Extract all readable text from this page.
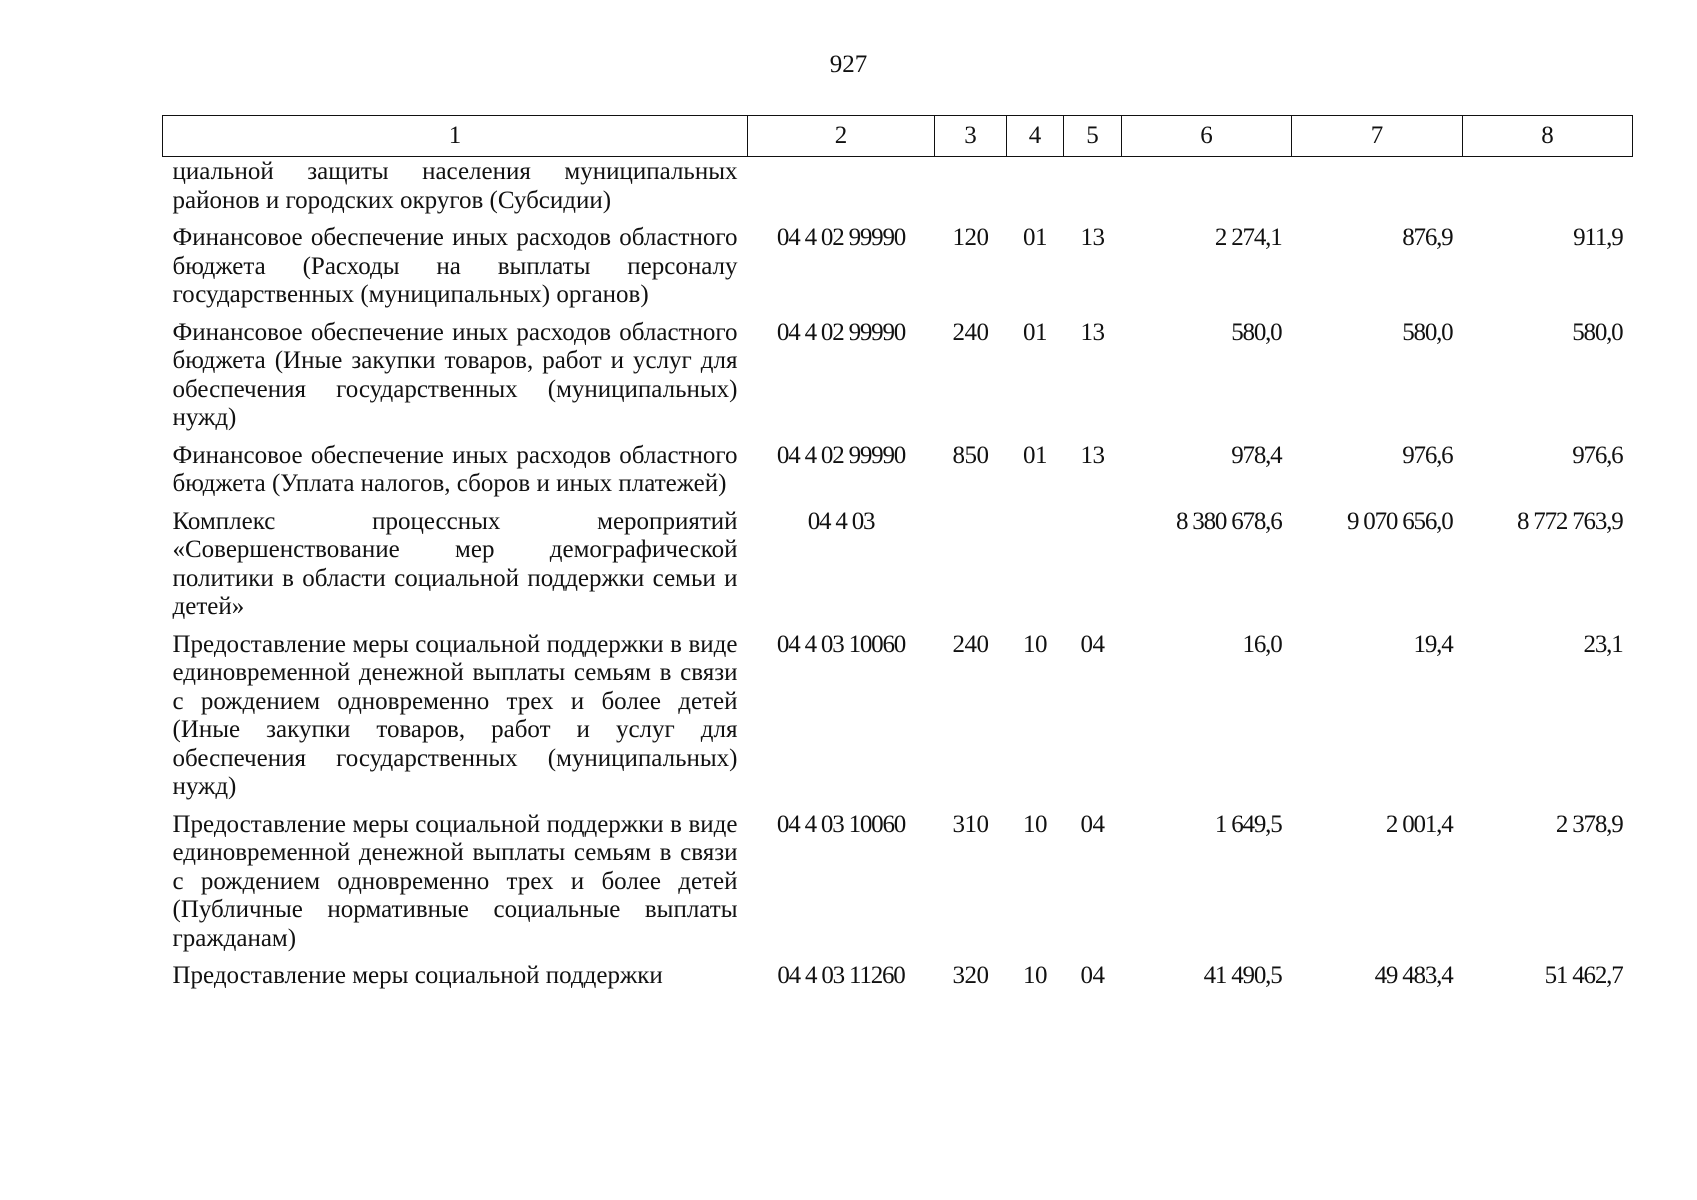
927
1	2	3	4	5	6	7	8
циальной защиты населения муниципальных районов и городских округов (Субсидии)							
Финансовое обеспечение иных расходов областного бюджета (Расходы на выплаты персоналу государственных (муниципальных) органов)	04 4 02 99990	120	01	13	2 274,1	876,9	911,9
Финансовое обеспечение иных расходов областного бюджета (Иные закупки товаров, работ и услуг для обеспечения государственных (муниципальных) нужд)	04 4 02 99990	240	01	13	580,0	580,0	580,0
Финансовое обеспечение иных расходов областного бюджета (Уплата налогов, сборов и иных платежей)	04 4 02 99990	850	01	13	978,4	976,6	976,6
Комплекс процессных мероприятий «Совершенствование мер демографической политики в области социальной поддержки семьи и детей»	04 4 03				8 380 678,6	9 070 656,0	8 772 763,9
Предоставление меры социальной поддержки в виде единовременной денежной выплаты семьям в связи с рождением одновременно трех и более детей (Иные закупки товаров, работ и услуг для обеспечения государственных (муниципальных) нужд)	04 4 03 10060	240	10	04	16,0	19,4	23,1
Предоставление меры социальной поддержки в виде единовременной денежной выплаты семьям в связи с рождением одновременно трех и более детей (Публичные нормативные социальные выплаты гражданам)	04 4 03 10060	310	10	04	1 649,5	2 001,4	2 378,9
Предоставление меры социальной поддержки	04 4 03 11260	320	10	04	41 490,5	49 483,4	51 462,7
